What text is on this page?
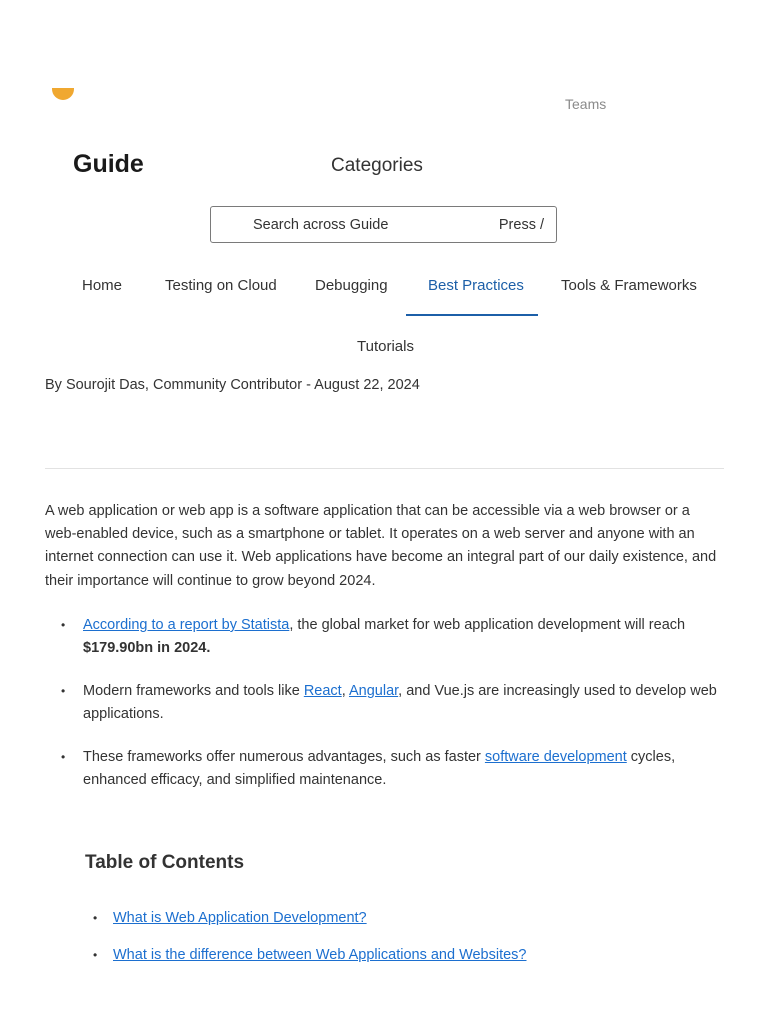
Teams
Guide	Categories
Search across Guide	Press /
Home	Testing on Cloud	Debugging	Best Practices Tools & Frameworks
Tutorials
By Sourojit Das, Community Contributor - August 22, 2024

A web application or web app is a software application that can be accessible via a web browser or a web-enabled device, such as a smartphone or tablet. It operates on a web server and anyone with an internet connection can use it. Web applications have become an integral part of our daily existence, and their importance will continue to grow beyond 2024.

• According to a report by Statista, the global market for web application development will reach $179.90bn in 2024.
• Modern frameworks and tools like React, Angular, and Vue.js are increasingly used to develop web applications.
• These frameworks offer numerous advantages, such as faster software development cycles, enhanced efficacy, and simplified maintenance.
Table of Contents
• What is Web Application Development?
• What is the difference between Web Applications and Websites?
